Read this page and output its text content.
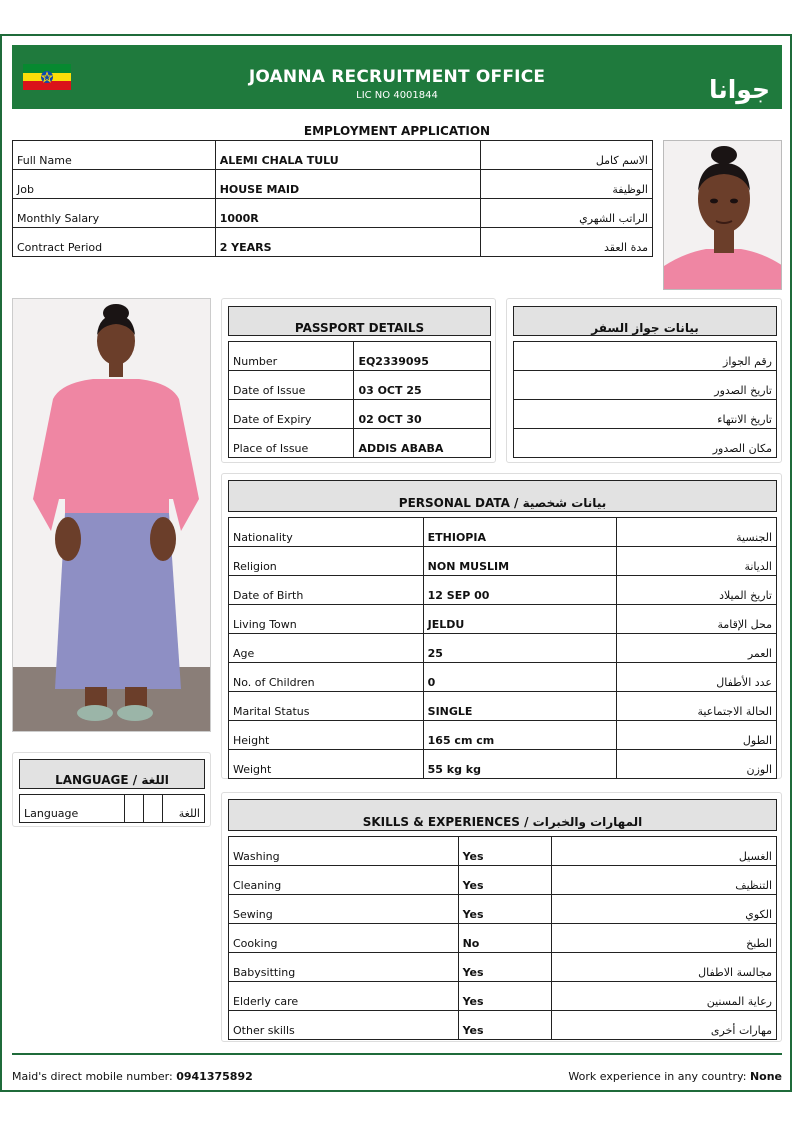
JOANNA RECRUITMENT OFFICE
LIC NO 4001844	جوانا
EMPLOYMENT APPLICATION
Full Name	ALEMI CHALA TULU	الاسم كامل
Job	HOUSE MAID	الوظيفة
Monthly Salary	1000R	الراتب الشهري
Contract Period	2 YEARS	مدة العقد
LANGUAGE / اللغة
Language			اللغة
PASSPORT DETAILS
Number	EQ2339095
Date of Issue	03 OCT 25
Date of Expiry	02 OCT 30
Place of Issue	ADDIS ABABA
بيانات جواز السفر
رقم الجواز
تاريخ الصدور
تاريخ الانتهاء
مكان الصدور
PERSONAL DATA / بيانات شخصية
Nationality	ETHIOPIA	الجنسية
Religion	NON MUSLIM	الديانة
Date of Birth	12 SEP 00	تاريخ الميلاد
Living Town	JELDU	محل الإقامة
Age	25	العمر
No. of Children	0	عدد الأطفال
Marital Status	SINGLE	الحالة الاجتماعية
Height	165 cm cm	الطول
Weight	55 kg kg	الوزن
SKILLS & EXPERIENCES / المهارات والخبرات
Washing	Yes	الغسيل
Cleaning	Yes	التنظيف
Sewing	Yes	الكوي
Cooking	No	الطبخ
Babysitting	Yes	مجالسة الاطفال
Elderly care	Yes	رعاية المسنين
Other skills	Yes	مهارات أخرى
Maid's direct mobile number: 0941375892	Work experience in any country: None
